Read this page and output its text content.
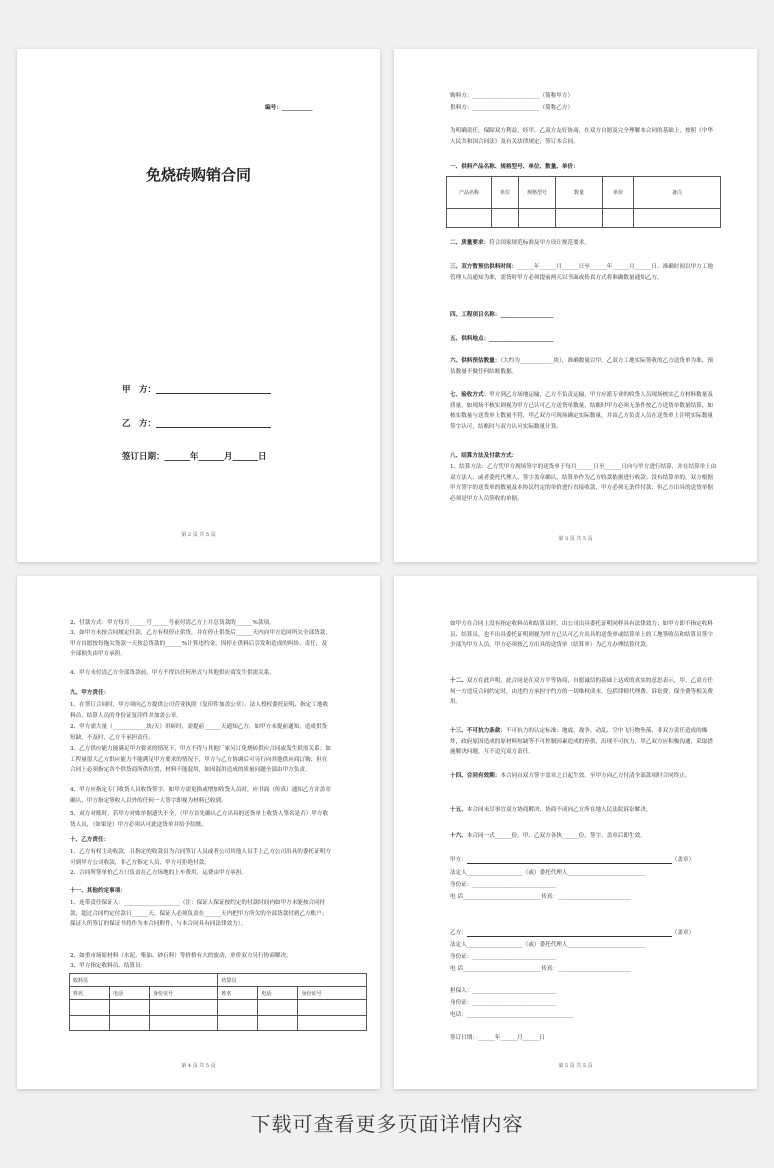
编号：___________
免烧砖购销合同
甲　方：
乙　方：
签订日期：______年______月______日
第 2 页 共 5 页
购料方：________________________（简称甲方）
供料方：________________________（简称乙方）
为明确责任，保障双方利益，经甲、乙双方友好协商，在双方自愿及完全理解本合同的基础上，按照《中华人民共和国合同法》及有关法律规定，签订本合同。
一、供料产品名称、规格型号、单位、数量、单价：
产品名称	单位	规格型号	数量	单价	备注

二、质量要求：符合国家规范标准及甲方设计规范要求。
三、双方暂预估供料时间：______年______月______日至______年______月______日。准确时间以甲方工地管理人员通知为准，需货时甲方必须提前两天以书面或传真方式将准确数量通知乙方。
四、工程项目名称：___________________
五、供料地点：_______________________
六、供料预估数量：（大约为____________块），准确数量以甲、乙双方工地实际签收的乙方送货单为准，预估数量不做任何结账数据。
七、验收方式：甲方到乙方场地运输，乙方不负责运输，甲方应派专业的收货人员现场核实乙方材料数量及质量，如现场不核实则视为甲方已认可乙方送货单数量，结账时甲方必须无条件按乙方送货单数量结算，如核实数量与送货单上数量不符，甲乙双方可现场确定实际数量，并由乙方负责人员在送货单上注明实际数量签字认可，结账时与双方认可实际数量计算。
八、结算方法及付款方式：
1、结算方法：乙方凭甲方现场签字的送货单于每月______日至______日向与甲方进行结算，并在结算单上由双方法人、或者委托代理人、签字盖章确认，结算单作为乙方收款依据进行收款；没有结算单的，双方根据甲方签字的送货单的数量及本协议约定的单价进行直接收款，甲方必须无条件付款；但乙方出具的送货单据必须是甲方人员签收的单据。
第 3 页 共 5 页
2、付款方式：甲方每月______号______号前付清乙方上月总货款的______%款项。
3、如甲方未按合同规定付款，乙方有权停止供货，并在停止供货后______天内向甲方追回所欠全部货款，甲方自愿按每拖欠货款一天按总货款的______%计算违约金，因停止供料后引发和造成的纠纷、责任，及全部损失由甲方承担。
4、甲方未付清乙方全部货款前，甲方不得以任何形式与其他供应商发生供需关系。
九、甲方责任：
1、在签订合同时，甲方须向乙方提供公司营业执照（复印件加盖公章）、法人授权委托证明、指定工地收料员、结算人员的身份证复印件并加盖公章。
2、甲方需大量（____________块/天）用砖时，需提前______天通知乙方，如甲方未提前通知，造成供货短缺、不及时，乙方不承担责任。
3、乙方供应能力能满足甲方要求的情况下，甲方不得与其他厂家另订免烧砖供应合同或发生供需关系；如工程量很大乙方供应能力不能满足甲方要求的情况下，甲方与乙方协调后可另行向其他供应商订购；但在合同上必须指定各个供货商所供位置，材料不能混用，如因混用造成的质量问题全部由甲方负责。
4、甲方应指定专门收货人员收货签字，如甲方需更换或增加收货人员时，应书面（传真）通知乙方并盖章确认，甲方指定签收人以外的任何一人签字即视为材料已收到。
5、双方对账时，若甲方对账单据遗失不全，（甲方首先确认乙方出具的送货单上收货人签名是否）甲方收货人员，（如果是）甲方必须认可此送货单并给予结账。
十、乙方责任：
1、乙方有权主动收款，且指定的收款员为合同签订人员或者公司其他人员手上乙方公司出具的委托证明方可到甲方公司收款，非乙方指定人员，甲方可拒绝付款。
2、合同所签单价乙方只负责在乙方场地的上车费用，运费由甲方承担。
十一、其他约定事项：
1、连带责任保证人：____________________（注：保证人保证按约定的付款时间内如甲方未能按合同付款，超过合同约定付款日______天，保证人必须负责在______天内把甲方所欠的全部货款付到乙方账户；保证人所签订的保证书将作为本合同附件，与本合同具有同法律效力）。
2、如重市场原材料（水泥、柴油、砂石料）等价格有大的波动，单价双方另行协商解决。
3、甲方指定收料员、结算员：
收料员			结算员		
姓名	电话	身份证号	姓名	电话	身份证号

第 4 页 共 5 页
如甲方在合同上没有指定收料员和结算员时，由公司出具委托证明同样具有法律效力；如甲方即不指定收料员、结算员，也不出具委托证明则视为甲方已认可乙方出具的送货单或结算单上的工地签收员和结算员签字全部为甲方人员，甲方必须按乙方出具的送货单（结算单）为乙方办理结算付款。
十二、双方在此声明，此合同是在双方平等协商，自愿诚信的基础上达成的真实的意思表示，甲、乙双方任何一方违反合同约定时，由违约方承担守约方的一切维权成本，包括律师代理费、诉讼费、保全费等相关费用。
十三、不可抗力条款：不可抗力的认定标准：地震、战争、动乱、空中飞行物坠落、非双方责任造成的爆炸，政府原因造成的原材料短缺等不可控制因素造成的停供，出现不可抗力，甲乙双方应积极沟通，采取措施解决问题，互不追究双方责任。
十四、合同有效期：本合同自双方签字盖章之日起生效，至甲方向乙方付清全部款项时合同终止。
十五、本合同未尽事宜双方协商解决，协商不成向乙方所在地人民法院诉讼解决。
十六、本合同一式______份，甲、乙双方各执______份，签字、盖章后即生效。
甲方：	（盖章）
法定人____________________（或）委托代理人____________________________
身份证：______________________________
电 话____________________________传真：__________________________
乙方：	（盖章）
法定人____________________（或）委托代理人____________________________
身份证：______________________________
电 话____________________________传真：__________________________
担保人：______________________________
身份证：______________________________
电话：______________________________________
签订日期：______年______月______日
第 5 页 共 5 页
下载可查看更多页面详情内容
